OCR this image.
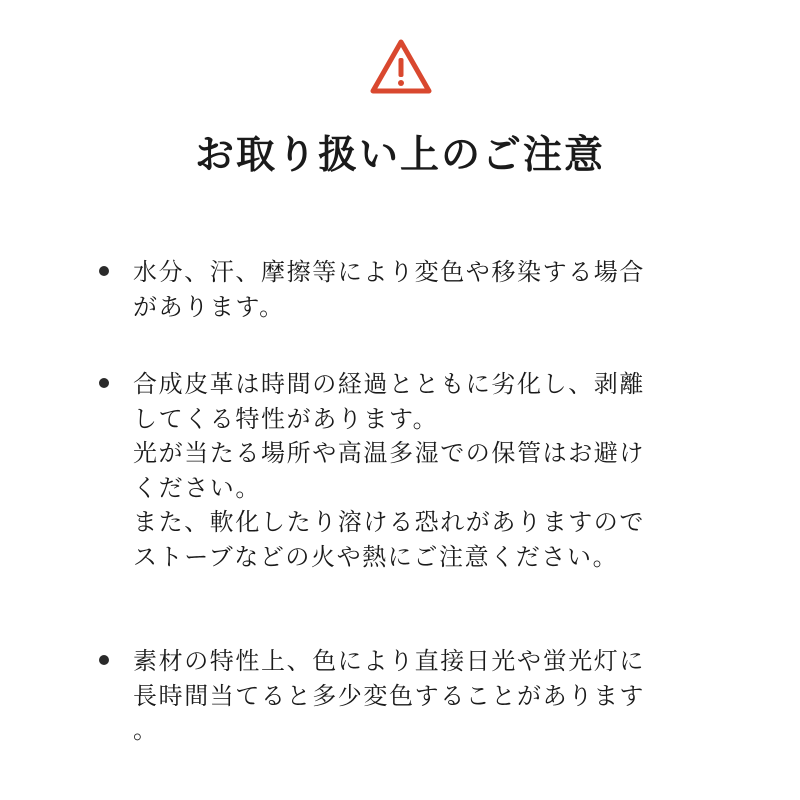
お取り扱い上のご注意
水分、汗、摩擦等により変色や移染する場合
があります。
合成皮革は時間の経過とともに劣化し、剥離
してくる特性があります。
光が当たる場所や高温多湿での保管はお避け
ください。
また、軟化したり溶ける恐れがありますので
ストーブなどの火や熱にご注意ください。
素材の特性上、色により直接日光や蛍光灯に
長時間当てると多少変色することがあります
。
